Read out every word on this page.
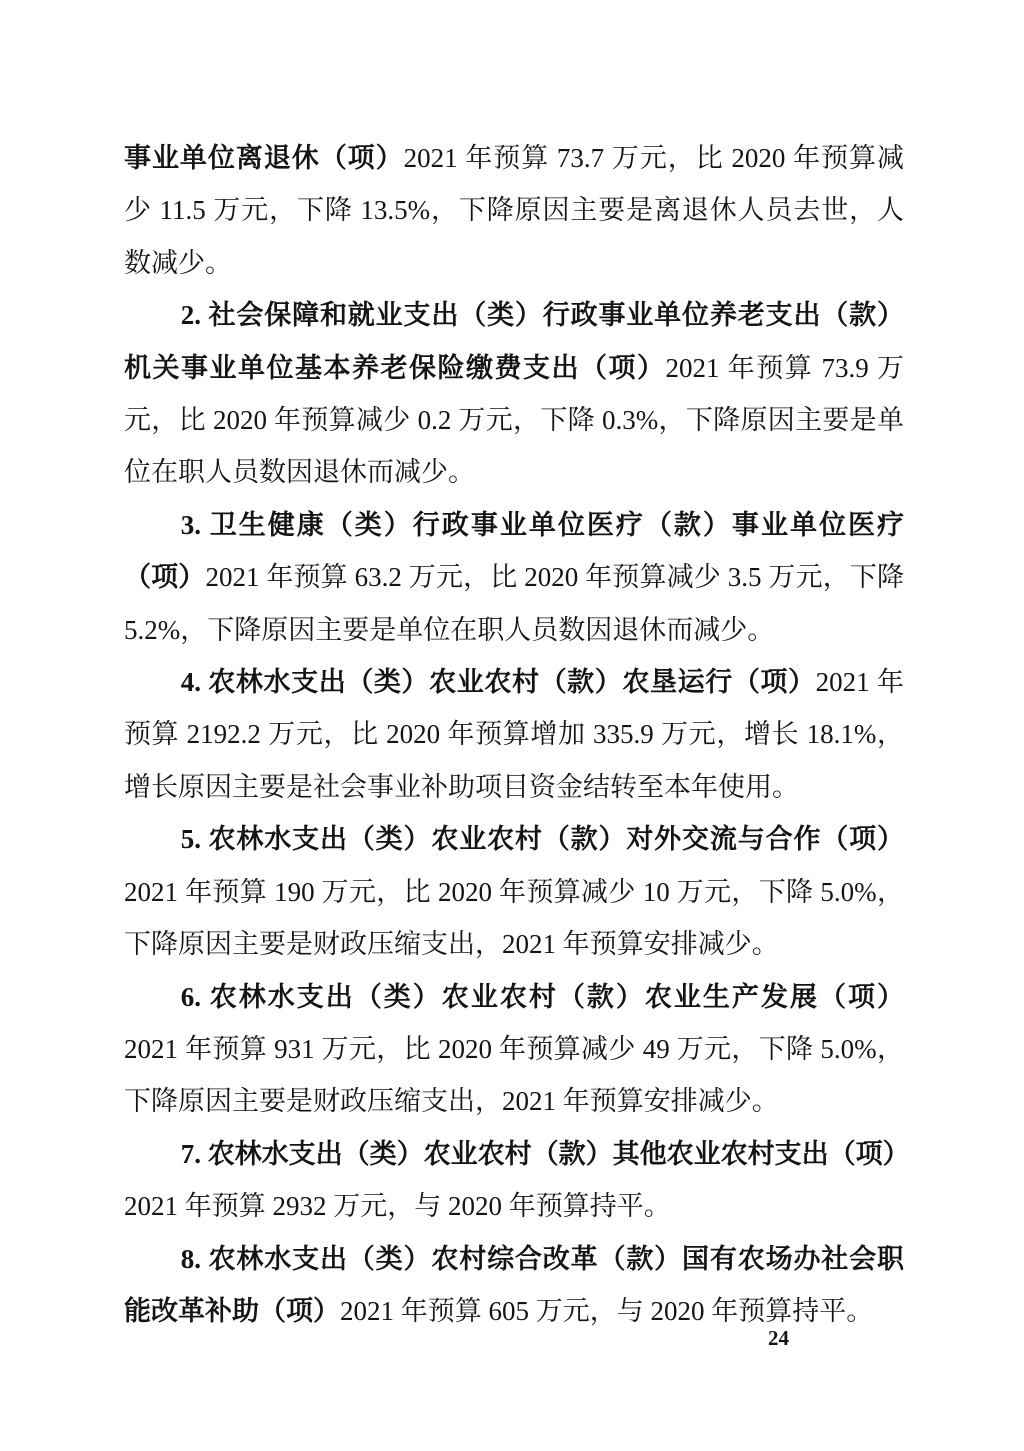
事业单位离退休（项）2021 年预算 73.7 万元，比 2020 年预算减少 11.5 万元，下降 13.5%，下降原因主要是离退休人员去世，人数减少。

2. 社会保障和就业支出（类）行政事业单位养老支出（款）机关事业单位基本养老保险缴费支出（项）2021 年预算 73.9 万元，比 2020 年预算减少 0.2 万元，下降 0.3%，下降原因主要是单位在职人员数因退休而减少。

3. 卫生健康（类）行政事业单位医疗（款）事业单位医疗（项）2021 年预算 63.2 万元，比 2020 年预算减少 3.5 万元，下降 5.2%，下降原因主要是单位在职人员数因退休而减少。

4. 农林水支出（类）农业农村（款）农垦运行（项）2021 年预算 2192.2 万元，比 2020 年预算增加 335.9 万元，增长 18.1%，增长原因主要是社会事业补助项目资金结转至本年使用。

5. 农林水支出（类）农业农村（款）对外交流与合作（项）2021 年预算 190 万元，比 2020 年预算减少 10 万元，下降 5.0%，下降原因主要是财政压缩支出，2021 年预算安排减少。

6. 农林水支出（类）农业农村（款）农业生产发展（项）2021 年预算 931 万元，比 2020 年预算减少 49 万元，下降 5.0%，下降原因主要是财政压缩支出，2021 年预算安排减少。

7. 农林水支出（类）农业农村（款）其他农业农村支出（项）2021 年预算 2932 万元，与 2020 年预算持平。

8. 农林水支出（类）农村综合改革（款）国有农场办社会职能改革补助（项）2021 年预算 605 万元，与 2020 年预算持平。

24
